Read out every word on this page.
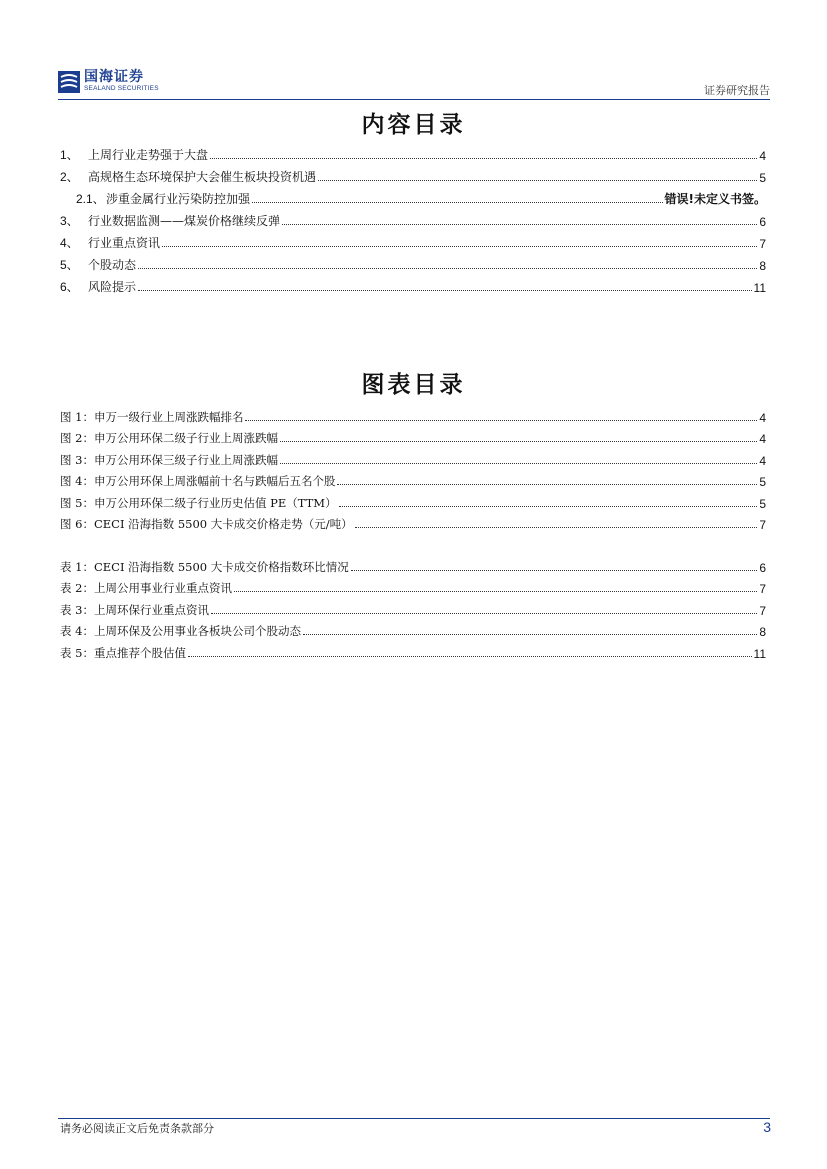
国海证券
SEALAND SECURITIES	证券研究报告
内容目录
1、 上周行业走势强于大盘	4
2、 高规格生态环境保护大会催生板块投资机遇	5
2.1、 涉重金属行业污染防控加强	错误!未定义书签。
3、 行业数据监测——煤炭价格继续反弹	6
4、 行业重点资讯	7
5、 个股动态	8
6、 风险提示	11
图表目录
图 1：申万一级行业上周涨跌幅排名	4
图 2：申万公用环保二级子行业上周涨跌幅	4
图 3：申万公用环保三级子行业上周涨跌幅	4
图 4：申万公用环保上周涨幅前十名与跌幅后五名个股	5
图 5：申万公用环保二级子行业历史估值 PE（TTM）	5
图 6：CECI 沿海指数 5500 大卡成交价格走势（元/吨）	7
表 1：CECI 沿海指数 5500 大卡成交价格指数环比情况	6
表 2：上周公用事业行业重点资讯	7
表 3：上周环保行业重点资讯	7
表 4：上周环保及公用事业各板块公司个股动态	8
表 5：重点推荐个股估值	11
请务必阅读正文后免责条款部分	3
